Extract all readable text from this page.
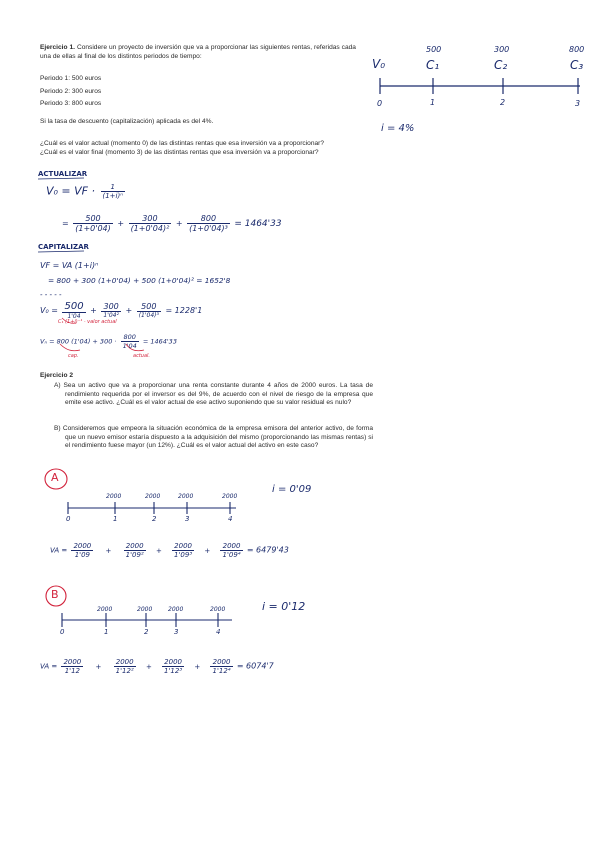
Ejercicio 1. Considere un proyecto de inversión que va a proporcionar las siguientes rentas, referidas cada una de ellas al final de los distintos periodos de tiempo:
Periodo 1: 500 euros
Periodo 2: 300 euros
Periodo 3: 800 euros
Si la tasa de descuento (capitalización) aplicada es del 4%.
¿Cuál es el valor actual (momento 0) de las distintas rentas que esa inversión va a proporcionar?
¿Cuál es el valor final (momento 3) de las distintas rentas que esa inversión va a proporcionar?
500	300	800
V₀	C₁	C₂	C₃
0	1	2	3
i = 4%
ACTUALIZAR
V₀ = VF · $\frac{1}{\text{(1+i)ⁿ}}$
= $\frac{500}{(1+0'04)} + \frac{300}{\text{(1+0'04)²}} + \frac{800}{\text{(1+0'04)³}} = 1464'33$
CAPITALIZAR
VF = VA (1+i)ⁿ
= 800 + 300 (1+0'04) + 500 (1+0'04)² = 1652'8
- - - - -
$V_0 = \frac{500}{1'04} + \frac{300}{\text{1'04²}} + \frac{500}{\text{(1'04)³}} = 1228'1$
C₁ (1+i)⁻¹ · valor actual
Vₙ = 800 $(1'04) + 300 \cdot \frac{800}{1'04} = 1464'33$
cap.	actual.
Ejercicio 2
A) Sea un activo que va a proporcionar una renta constante durante 4 años de 2000 euros. La tasa de rendimiento requerida por el inversor es del 9%, de acuerdo con el nivel de riesgo de la empresa que emite ese activo. ¿Cuál es el valor actual de ese activo suponiendo que su valor residual es nulo?
B) Consideremos que empeora la situación económica de la empresa emisora del anterior activo, de forma que un nuevo emisor estaría dispuesto a la adquisición del mismo (proporcionando las mismas rentas) si el rendimiento fuese mayor (un 12%). ¿Cuál es el valor actual del activo en este caso?
A
2000	2000	2000	2000
i = 0'09
0	1	2	3	4
VA = $\frac{2000}{1'09} + \frac{2000}{\text{1'09²}} + \frac{2000}{\text{1'09³}} + \frac{2000}{\text{1'09⁴}} = 6479'43$
B
2000	2000	2000	2000	i = 0'12
0	1	2	3	4
VA = $\frac{2000}{1'12} + \frac{2000}{\text{1'12²}} + \frac{2000}{\text{1'12³}} + \frac{2000}{\text{1'12⁴}} = 6074'7$
